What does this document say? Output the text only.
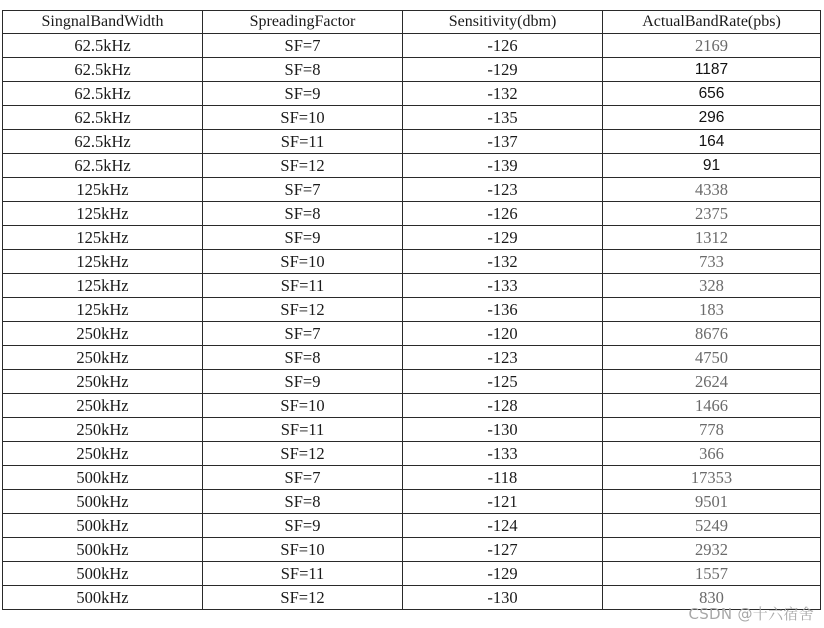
SingnalBandWidth	SpreadingFactor	Sensitivity(dbm)	ActualBandRate(pbs)
62.5kHz	SF=7	-126	2169
62.5kHz	SF=8	-129	1187
62.5kHz	SF=9	-132	656
62.5kHz	SF=10	-135	296
62.5kHz	SF=11	-137	164
62.5kHz	SF=12	-139	91
125kHz	SF=7	-123	4338
125kHz	SF=8	-126	2375
125kHz	SF=9	-129	1312
125kHz	SF=10	-132	733
125kHz	SF=11	-133	328
125kHz	SF=12	-136	183
250kHz	SF=7	-120	8676
250kHz	SF=8	-123	4750
250kHz	SF=9	-125	2624
250kHz	SF=10	-128	1466
250kHz	SF=11	-130	778
250kHz	SF=12	-133	366
500kHz	SF=7	-118	17353
500kHz	SF=8	-121	9501
500kHz	SF=9	-124	5249
500kHz	SF=10	-127	2932
500kHz	SF=11	-129	1557
500kHz	SF=12	-130	830
CSDN @十六宿舍
